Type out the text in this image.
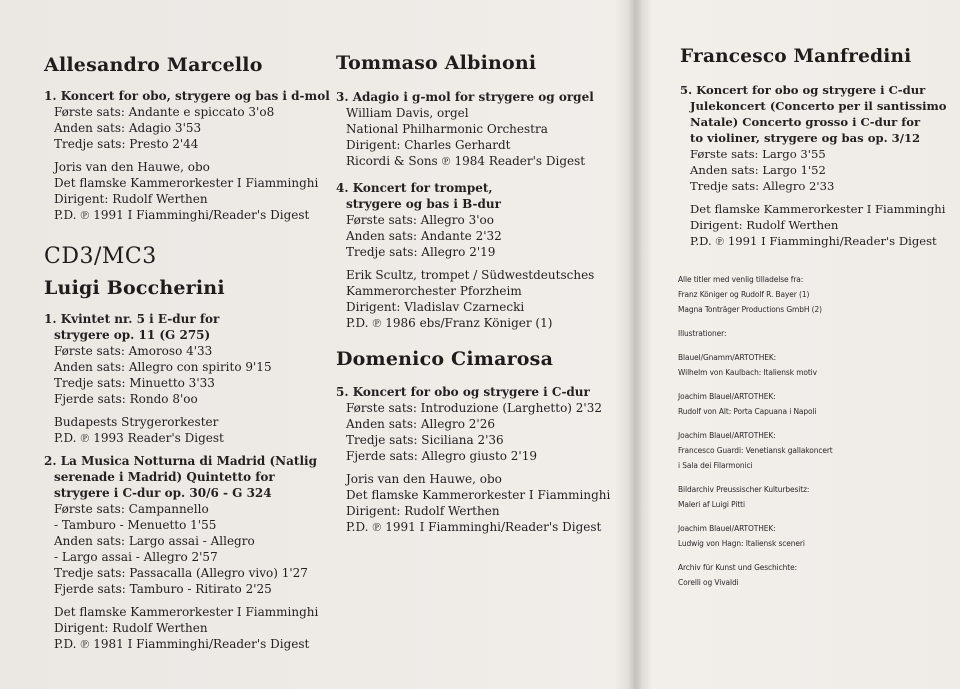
Allesandro Marcello
1. Koncert for obo, strygere og bas i d-mol
Første sats: Andante e spiccato 3'o8
Anden sats: Adagio 3'53
Tredje sats: Presto 2'44
Joris van den Hauwe, obo
Det flamske Kammerorkester I Fiamminghi
Dirigent: Rudolf Werthen
P.D. ℗ 1991 I Fiamminghi/Reader's Digest
CD3/MC3
Luigi Boccherini
1. Kvintet nr. 5 i E-dur for
strygere op. 11 (G 275)
Første sats: Amoroso 4'33
Anden sats: Allegro con spirito 9'15
Tredje sats: Minuetto 3'33
Fjerde sats: Rondo 8'oo
Budapests Strygerorkester
P.D. ℗ 1993 Reader's Digest
2. La Musica Notturna di Madrid (Natlig
serenade i Madrid) Quintetto for
strygere i C-dur op. 30/6 - G 324
Første sats: Campannello
- Tamburo - Menuetto 1'55
Anden sats: Largo assai - Allegro
- Largo assai - Allegro 2'57
Tredje sats: Passacalla (Allegro vivo) 1'27
Fjerde sats: Tamburo - Ritirato 2'25
Det flamske Kammerorkester I Fiamminghi
Dirigent: Rudolf Werthen
P.D. ℗ 1981 I Fiamminghi/Reader's Digest
Tommaso Albinoni
3. Adagio i g-mol for strygere og orgel
William Davis, orgel
National Philharmonic Orchestra
Dirigent: Charles Gerhardt
Ricordi & Sons ℗ 1984 Reader's Digest
4. Koncert for trompet,
strygere og bas i B-dur
Første sats: Allegro 3'oo
Anden sats: Andante 2'32
Tredje sats: Allegro 2'19
Erik Scultz, trompet / Südwestdeutsches
Kammerorchester Pforzheim
Dirigent: Vladislav Czarnecki
P.D. ℗ 1986 ebs/Franz Königer (1)
Domenico Cimarosa
5. Koncert for obo og strygere i C-dur
Første sats: Introduzione (Larghetto) 2'32
Anden sats: Allegro 2'26
Tredje sats: Siciliana 2'36
Fjerde sats: Allegro giusto 2'19
Joris van den Hauwe, obo
Det flamske Kammerorkester I Fiamminghi
Dirigent: Rudolf Werthen
P.D. ℗ 1991 I Fiamminghi/Reader's Digest
Francesco Manfredini
5. Koncert for obo og strygere i C-dur
Julekoncert (Concerto per il santissimo
Natale) Concerto grosso i C-dur for
to violiner, strygere og bas op. 3/12
Første sats: Largo 3'55
Anden sats: Largo 1'52
Tredje sats: Allegro 2'33
Det flamske Kammerorkester I Fiamminghi
Dirigent: Rudolf Werthen
P.D. ℗ 1991 I Fiamminghi/Reader's Digest
Alle titler med venlig tilladelse fra:
Franz Königer og Rudolf R. Bayer (1)
Magna Tonträger Productions GmbH (2)
Illustrationer:
Blauel/Gnamm/ARTOTHEK:
Wilhelm von Kaulbach: Italiensk motiv
Joachim Blauel/ARTOTHEK:
Rudolf von Alt: Porta Capuana i Napoli
Joachim Blauel/ARTOTHEK:
Francesco Guardi: Venetiansk gallakoncert
i Sala dei Filarmonici
Bildarchiv Preussischer Kulturbesitz:
Maleri af Luigi Pitti
Joachim Blauel/ARTOTHEK:
Ludwig von Hagn: Italiensk sceneri
Archiv für Kunst und Geschichte:
Corelli og Vivaldi
